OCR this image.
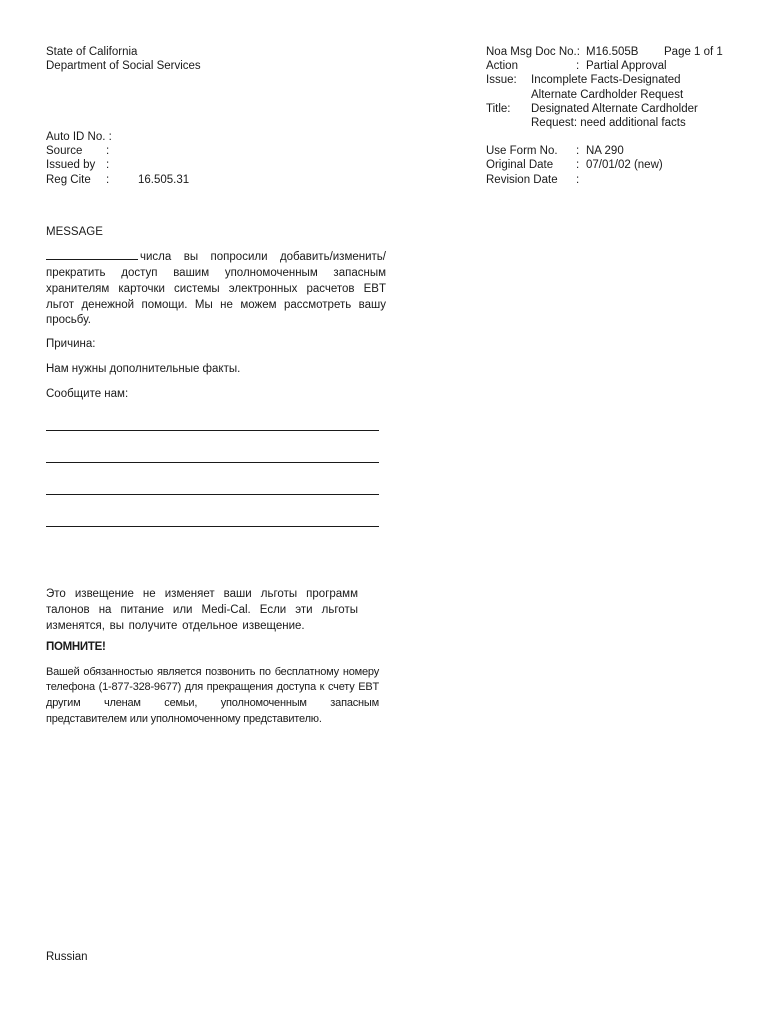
State of California
Department of Social Services
Auto ID No. :
Source :
Issued by :
Reg Cite :	16.505.31
Noa Msg Doc No.: M16.505B Page 1 of 1
Action	: Partial Approval
Issue: Incomplete Facts-Designated
Alternate Cardholder Request
Title: Designated Alternate Cardholder
Request: need additional facts
Use Form No. : NA 290
Original Date : 07/01/02 (new)
Revision Date :
MESSAGE

числа вы попросили добавить/изменить/ прекратить доступ вашим уполномоченным запасным хранителям карточки системы электронных расчетов EBT льгот денежной помощи. Мы не можем рассмотреть вашу просьбу.

Причина:

Нам нужны дополнительные факты.

Сообщите нам:

Это извещение не изменяет ваши льготы программ талонов на питание или Medi-Cal. Если эти льготы изменятся, вы получите отдельное извещение.

ПОМНИТЕ!
Вашей обязанностью является позвонить по бесплатному номеру телефона (1-877-328-9677) для прекращения доступа к счету EBT другим членам семьи, уполномоченным запасным представителем или уполномоченному представителю.
Russian
